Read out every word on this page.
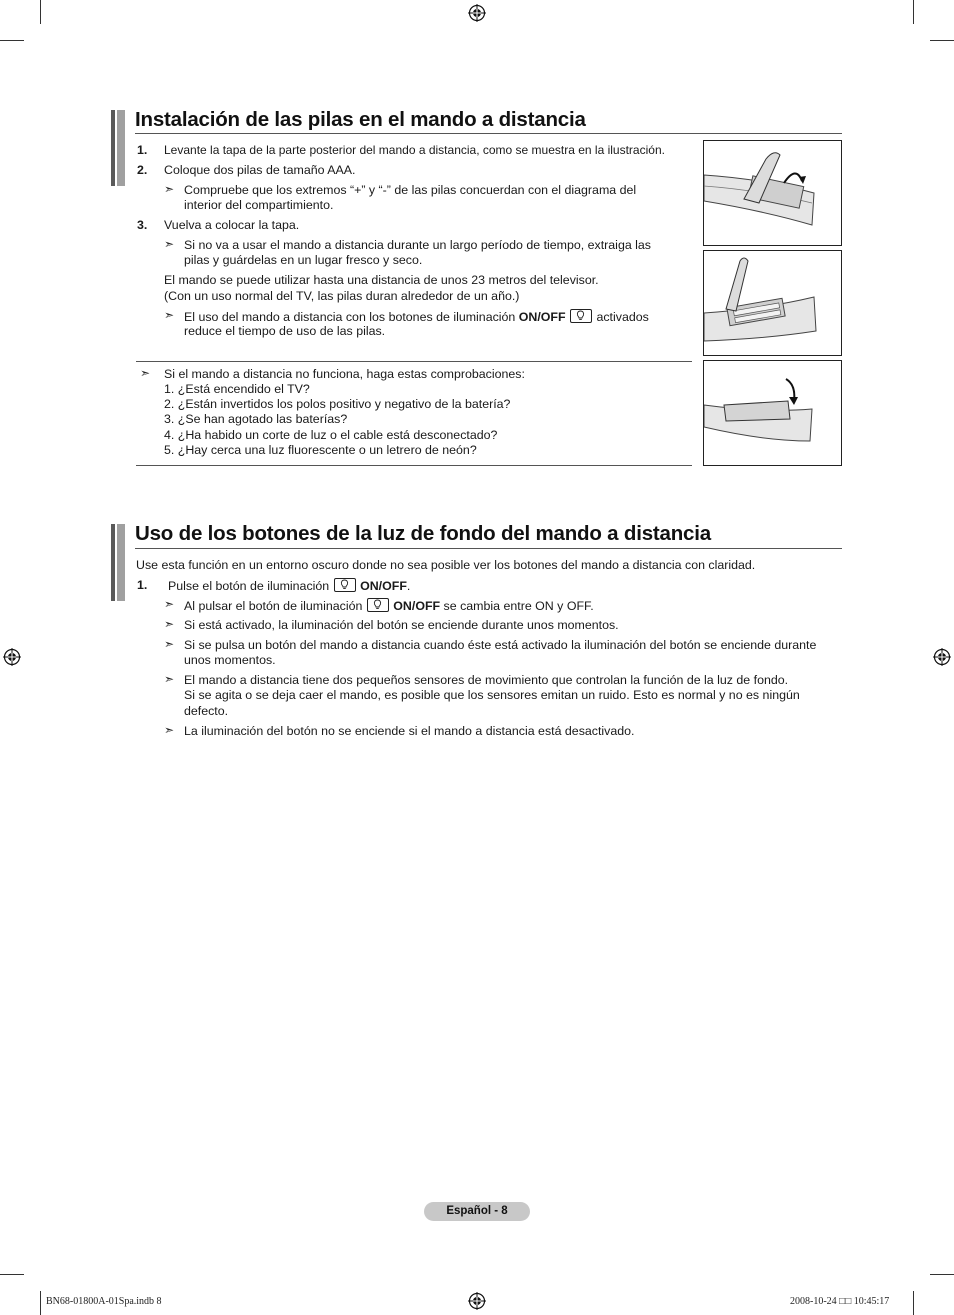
Instalación de las pilas en el mando a distancia
1. Levante la tapa de la parte posterior del mando a distancia, como se muestra en la ilustración.
2. Coloque dos pilas de tamaño AAA.
➣ Compruebe que los extremos “+” y “-” de las pilas concuerdan con el diagrama del
interior del compartimiento.
3. Vuelva a colocar la tapa.
➣ Si no va a usar el mando a distancia durante un largo período de tiempo, extraiga las
pilas y guárdelas en un lugar fresco y seco.
El mando se puede utilizar hasta una distancia de unos 23 metros del televisor.
(Con un uso normal del TV, las pilas duran alrededor de un año.)
➣ El uso del mando a distancia con los botones de iluminación ON/OFF
activados
reduce el tiempo de uso de las pilas.
➣ Si el mando a distancia no funciona, haga estas comprobaciones:
1. ¿Está encendido el TV?
2. ¿Están invertidos los polos positivo y negativo de la batería?
3. ¿Se han agotado las baterías?
4. ¿Ha habido un corte de luz o el cable está desconectado?
5. ¿Hay cerca una luz fluorescente o un letrero de neón?
Uso de los botones de la luz de fondo del mando a distancia
Use esta función en un entorno oscuro donde no sea posible ver los botones del mando a distancia con claridad.
1. Pulse el botón de iluminación
ON/OFF.
➣ Al pulsar el botón de iluminación
ON/OFF se cambia entre ON y OFF.
➣ Si está activado, la iluminación del botón se enciende durante unos momentos.
➣ Si se pulsa un botón del mando a distancia cuando éste está activado la iluminación del botón se enciende durante
unos momentos.
➣ El mando a distancia tiene dos pequeños sensores de movimiento que controlan la función de la luz de fondo.
Si se agita o se deja caer el mando, es posible que los sensores emitan un ruido. Esto es normal y no es ningún
defecto.
➣ La iluminación del botón no se enciende si el mando a distancia está desactivado.
Español - 8
BN68-01800A-01Spa.indb 8	2008-10-24 □□ 10:45:17
